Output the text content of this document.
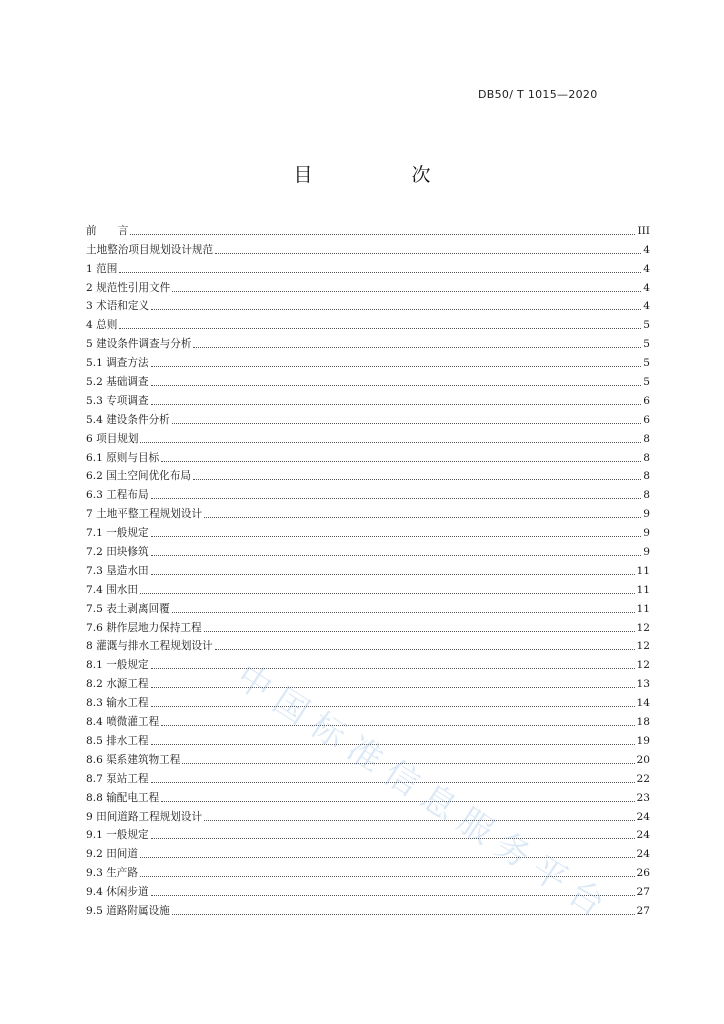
DB50/ T 1015—2020
目　次
前　　言	III
土地整治项目规划设计规范	4
1 范围	4
2 规范性引用文件	4
3 术语和定义	4
4 总则	5
5 建设条件调查与分析	5
5.1 调查方法	5
5.2 基础调查	5
5.3 专项调查	6
5.4 建设条件分析	6
6 项目规划	8
6.1 原则与目标	8
6.2 国土空间优化布局	8
6.3 工程布局	8
7 土地平整工程规划设计	9
7.1 一般规定	9
7.2 田块修筑	9
7.3 垦造水田	11
7.4 围水田	11
7.5 表土剥离回覆	11
7.6 耕作层地力保持工程	12
8 灌溉与排水工程规划设计	12
8.1 一般规定	12
8.2 水源工程	13
8.3 输水工程	14
8.4 喷微灌工程	18
8.5 排水工程	19
8.6 渠系建筑物工程	20
8.7 泵站工程	22
8.8 输配电工程	23
9 田间道路工程规划设计	24
9.1 一般规定	24
9.2 田间道	24
9.3 生产路	26
9.4 休闲步道	27
9.5 道路附属设施	27
中国标准信息服务平台
